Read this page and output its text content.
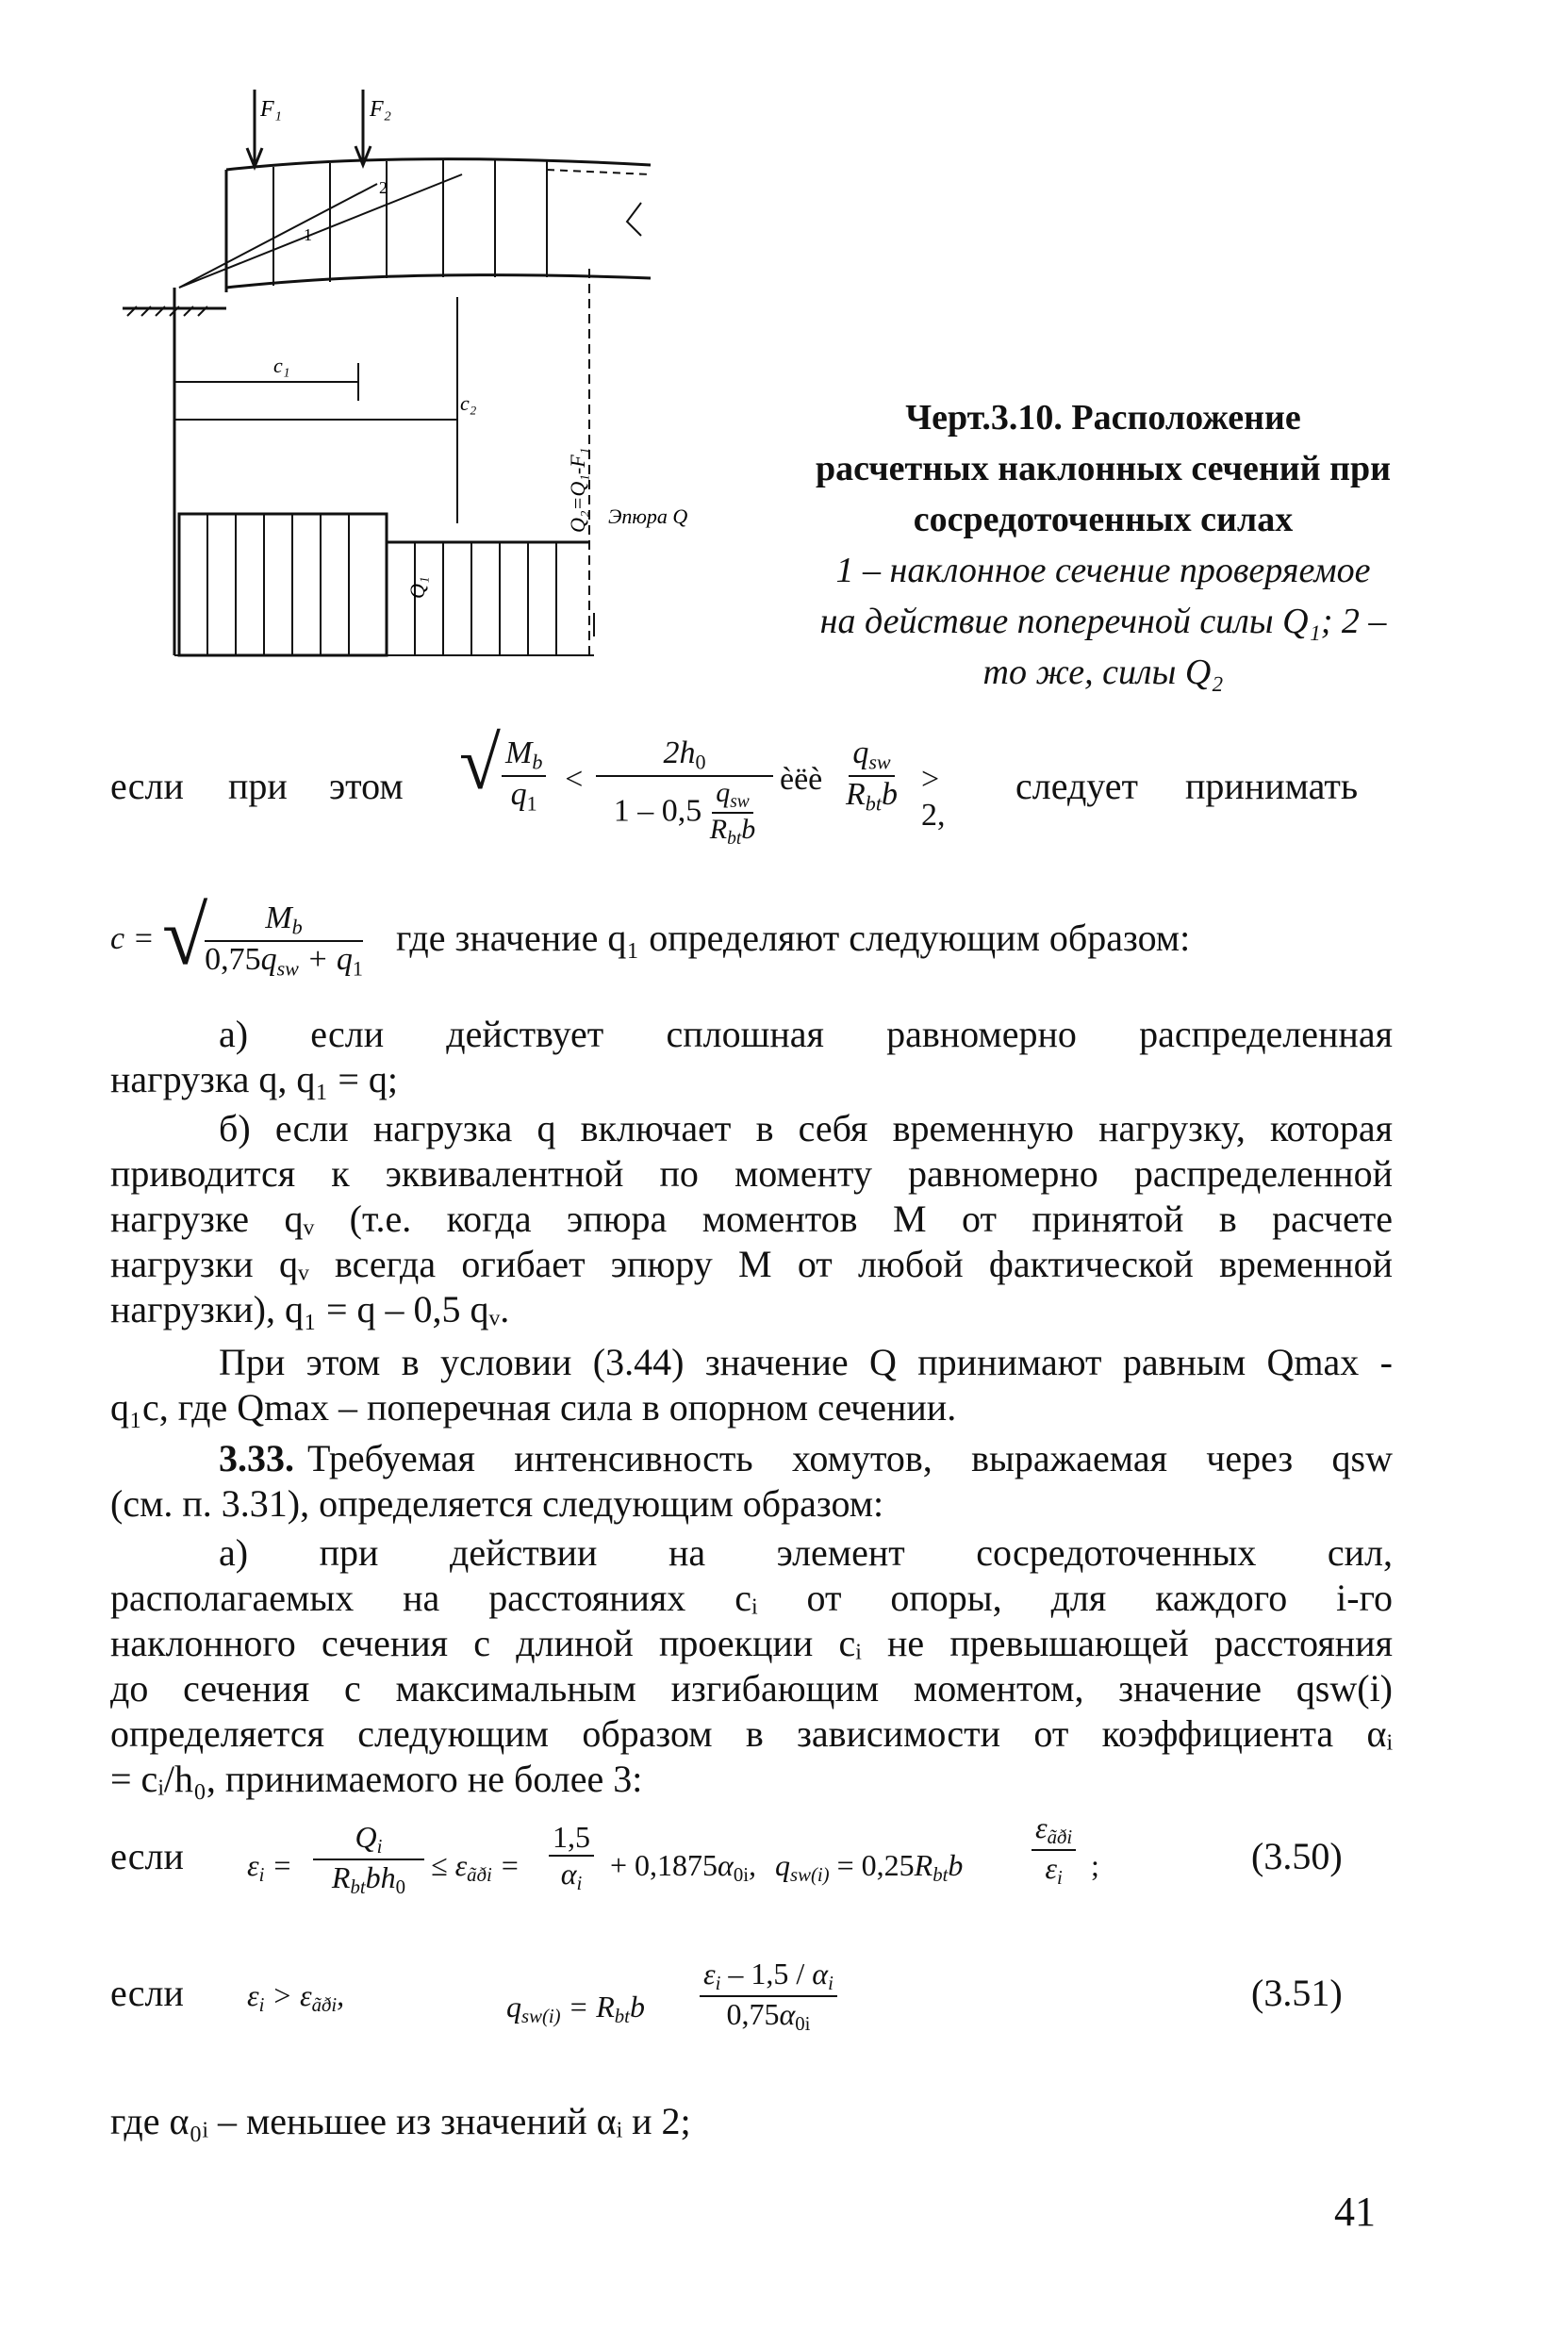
F₁	F₂
1
2
c₁
c₂
Q₁
Q₂=Q₁-F₁ Эпюра Q
Черт.3.10. Расположение
расчетных наклонных сечений при
сосредоточенных силах
1 – наклонное сечение проверяемое
на действие поперечной силы Q₁; 2 –
то же, силы Q₂
если при этом √ $\frac{M_b}{q_1}$ <
$2h_0$
$1 - 0,5 \frac{q_{sw}}{R_{bt}b}$ èëè
$q_{sw}$
$R_{bt}b > 2$,
следует принимать
c = √	$M_b$
$0,75q_{sw} + q_1$

где значение q₁ определяют следующим образом:

а) если действует сплошная равномерно распределенная

нагрузка q, q₁ = q;

б) если нагрузка q включает в себя временную нагрузку, которая

приводится к эквивалентной по моменту равномерно распределенной

нагрузке qᵥ (т.е. когда эпюра моментов M от принятой в расчете

нагрузки qᵥ всегда огибает эпюру M от любой фактической временной

нагрузки), q₁ = q – 0,5 qᵥ.

При этом в условии (3.44) значение Q принимают равным Qmax -

q₁c, где Qmax – поперечная сила в опорном сечении.

3.33. Требуемая интенсивность хомутов, выражаемая через qsw

(см. п. 3.31), определяется следующим образом:

а) при действии на элемент сосредоточенных сил,

располагаемых на расстояниях cᵢ от опоры, для каждого i-го

наклонного сечения с длиной проекции cᵢ не превышающей расстояния

до сечения с максимальным изгибающим моментом, значение qsw(i)

определяется следующим образом в зависимости от коэффициента αᵢ

= cᵢ/h₀, принимаемого не более 3:

если $\varepsilon_i$ =
$Q_i$
$R_{bt}bh_0$
≤ $\varepsilon_{ãði} = \frac{1,5}{\alpha_i} + 0,1875\alpha_{0i}$, $q_{sw(i)} = 0,25R_{bt}b$
$\varepsilon_{ãði}$
$\varepsilon_i$ ;	(3.50)
если $\varepsilon_i > \varepsilon_{ãði}$,	$q_{sw(i)} = R_{bt}b \frac{\varepsilon_i - 1,5 / \alpha_i}{0,75\alpha_{0i}}$	(3.51)

где α₀ᵢ – меньшее из значений αᵢ и 2;

41
